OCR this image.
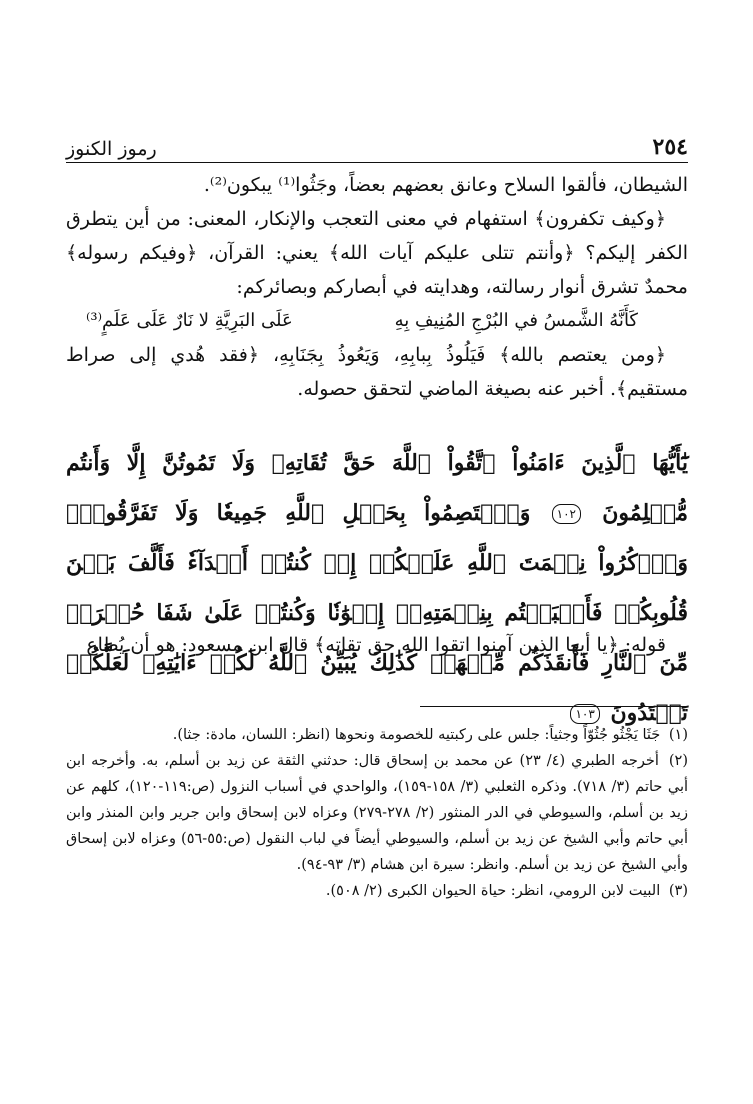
٢٥٤
رموز الكنوز

الشيطان، فألقوا السلاح وعانق بعضهم بعضاً، وجَثُوا⁽¹⁾ يبكون⁽²⁾.

﴿وكيف تكفرون﴾ استفهام في معنى التعجب والإنكار، المعنى: من أين يتطرق الكفر إليكم؟ ﴿وأنتم تتلى عليكم آيات الله﴾ يعني: القرآن، ﴿وفيكم رسوله﴾ محمدٌ تشرق أنوار رسالته، وهدايته في أبصاركم وبصائركم:

كَأَنَّهُ الشَّمسُ في البُرْجِ المُنِيفِ بِهِ
عَلَى البَرِيَّةِ لا نَارٌ عَلَى عَلَمٍ⁽³⁾

﴿ومن يعتصم بالله﴾ فَيَلُوذُ بِبابِهِ، وَيَعُوذُ بِجَنَابِهِ، ﴿فقد هُدي إلى صراط مستقيم﴾. أخبر عنه بصيغة الماضي لتحقق حصوله.

يَٰٓأَيُّهَا ٱلَّذِينَ ءَامَنُواْ ٱتَّقُواْ ٱللَّهَ حَقَّ تُقَاتِهِۦ وَلَا تَمُوتُنَّ إِلَّا وَأَنتُم مُّسۡلِمُونَ ١٠٢ وَٱعۡتَصِمُواْ بِحَبۡلِ ٱللَّهِ جَمِيعٗا وَلَا تَفَرَّقُواْۚ وَٱذۡكُرُواْ نِعۡمَتَ ٱللَّهِ عَلَيۡكُمۡ إِذۡ كُنتُمۡ أَعۡدَآءٗ فَأَلَّفَ بَيۡنَ قُلُوبِكُمۡ فَأَصۡبَحۡتُم بِنِعۡمَتِهِۦٓ إِخۡوَٰنٗا وَكُنتُمۡ عَلَىٰ شَفَا حُفۡرَةٖ مِّنَ ٱلنَّارِ فَأَنقَذَكُم مِّنۡهَاۗ كَذَٰلِكَ يُبَيِّنُ ٱللَّهُ لَكُمۡ ءَايَٰتِهِۦ لَعَلَّكُمۡ تَهۡتَدُونَ ١٠٣

قوله: ﴿يا أيها الذين آمنوا اتقوا الله حق تقاته﴾ قال ابن مسعود: هو أن يُطاع

(١) جَثَا يَجْثُو جُثُوّاً وجثياً: جلس على ركبتيه للخصومة ونحوها (انظر: اللسان، مادة: جثا).

(٢) أخرجه الطبري (٤/ ٢٣) عن محمد بن إسحاق قال: حدثني الثقة عن زيد بن أسلم، به. وأخرجه ابن أبي حاتم (٣/ ٧١٨). وذكره الثعلبي (٣/ ١٥٨-١٥٩)، والواحدي في أسباب النزول (ص:١١٩-١٢٠)، كلهم عن زيد بن أسلم، والسيوطي في الدر المنثور (٢/ ٢٧٨-٢٧٩) وعزاه لابن إسحاق وابن جرير وابن المنذر وابن أبي حاتم وأبي الشيخ عن زيد بن أسلم، والسيوطي أيضاً في لباب النقول (ص:٥٥-٥٦) وعزاه لابن إسحاق وأبي الشيخ عن زيد بن أسلم. وانظر: سيرة ابن هشام (٣/ ٩٣-٩٤).

(٣) البيت لابن الرومي، انظر: حياة الحيوان الكبرى (٢/ ٥٠٨).
